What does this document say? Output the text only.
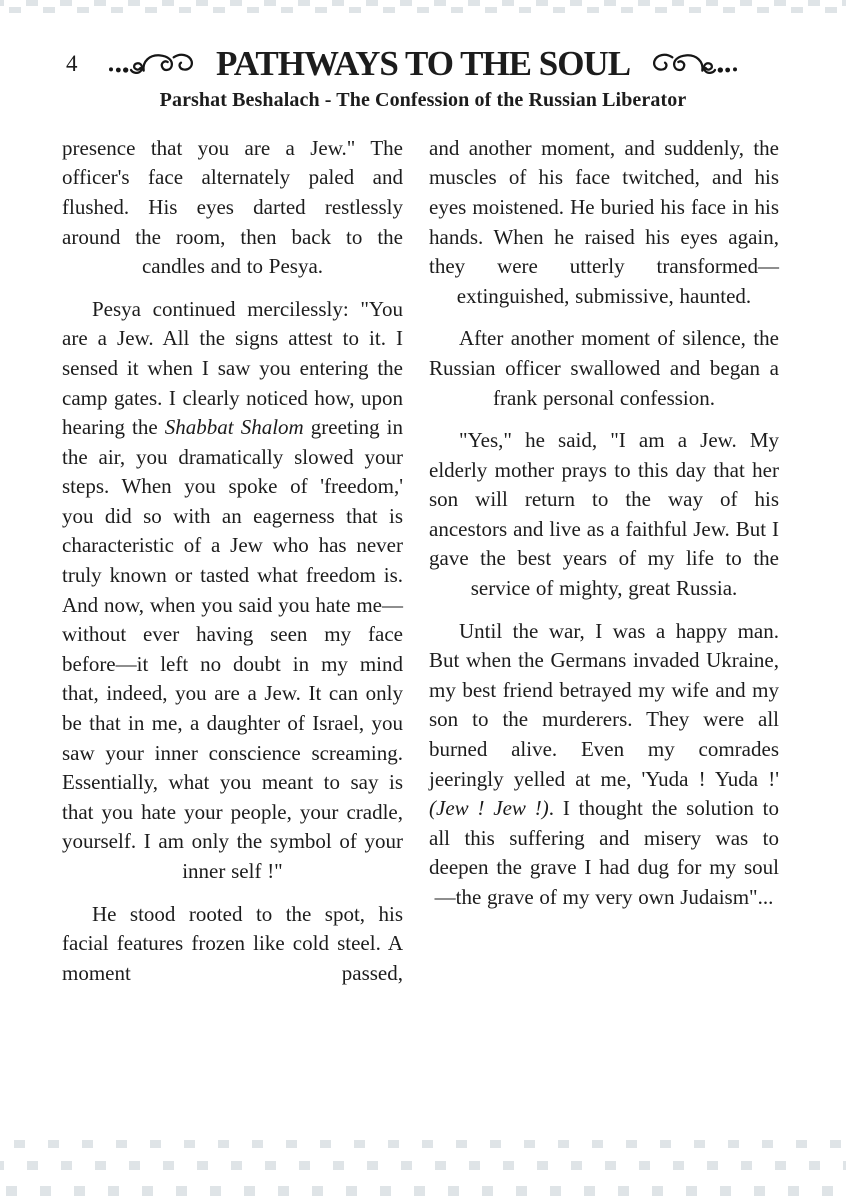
4	PATHWAYS TO THE SOUL
Parshat Beshalach - The Confession of the Russian Liberator

presence that you are a Jew." The officer's face alternately paled and flushed. His eyes darted restlessly around the room, then back to the candles and to Pesya.

Pesya continued mercilessly: "You are a Jew. All the signs attest to it. I sensed it when I saw you entering the camp gates. I clearly noticed how, upon hearing the Shabbat Shalom greeting in the air, you dramatically slowed your steps. When you spoke of 'freedom,' you did so with an eagerness that is characteristic of a Jew who has never truly known or tasted what freedom is. And now, when you said you hate me—without ever having seen my face before—it left no doubt in my mind that, indeed, you are a Jew. It can only be that in me, a daughter of Israel, you saw your inner conscience screaming. Essentially, what you meant to say is that you hate your people, your cradle, yourself. I am only the symbol of your inner self !"

He stood rooted to the spot, his facial features frozen like cold steel. A moment passed,

and another moment, and suddenly, the muscles of his face twitched, and his eyes moistened. He buried his face in his hands. When he raised his eyes again, they were utterly transformed—extinguished, submissive, haunted.

After another moment of silence, the Russian officer swallowed and began a frank personal confession.

"Yes," he said, "I am a Jew. My elderly mother prays to this day that her son will return to the way of his ancestors and live as a faithful Jew. But I gave the best years of my life to the service of mighty, great Russia.

Until the war, I was a happy man. But when the Germans invaded Ukraine, my best friend betrayed my wife and my son to the murderers. They were all burned alive. Even my comrades jeeringly yelled at me, 'Yuda ! Yuda !' (Jew ! Jew !). I thought the solution to all this suffering and misery was to deepen the grave I had dug for my soul—the grave of my very own Judaism"...
